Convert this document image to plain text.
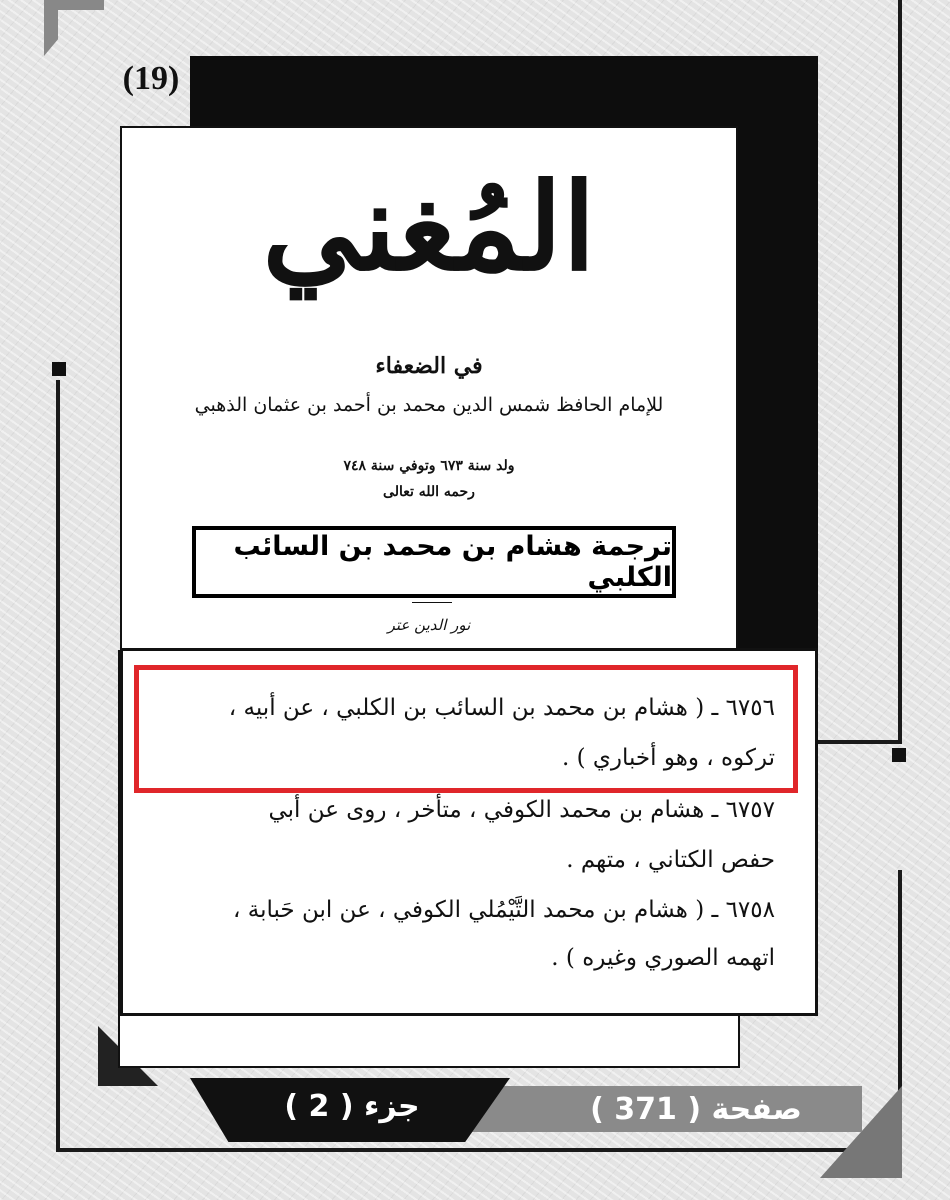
(19)
المُغني
في الضعفاء
للإمام الحافظ شمس الدين محمد بن أحمد بن عثمان الذهبي
ولد سنة ٦٧٣ وتوفي سنة ٧٤٨
رحمه الله تعالى
نور الدين عتر
ترجمة هشام بن محمد بن السائب الكلبي
٦٧٥٦ ـ ( هشام بن محمد بن السائب بن الكلبي ، عن أبيه ،
تركوه ، وهو أخباري ) .
٦٧٥٧ ـ هشام بن محمد الكوفي ، متأخر ، روى عن أبي
حفص الكتاني ، متهم .
٦٧٥٨ ـ ( هشام بن محمد التَّيْمُلي الكوفي ، عن ابن حَبابة ،
اتهمه الصوري وغيره ) .
صفحة ( 371 )
جزء ( 2 )
